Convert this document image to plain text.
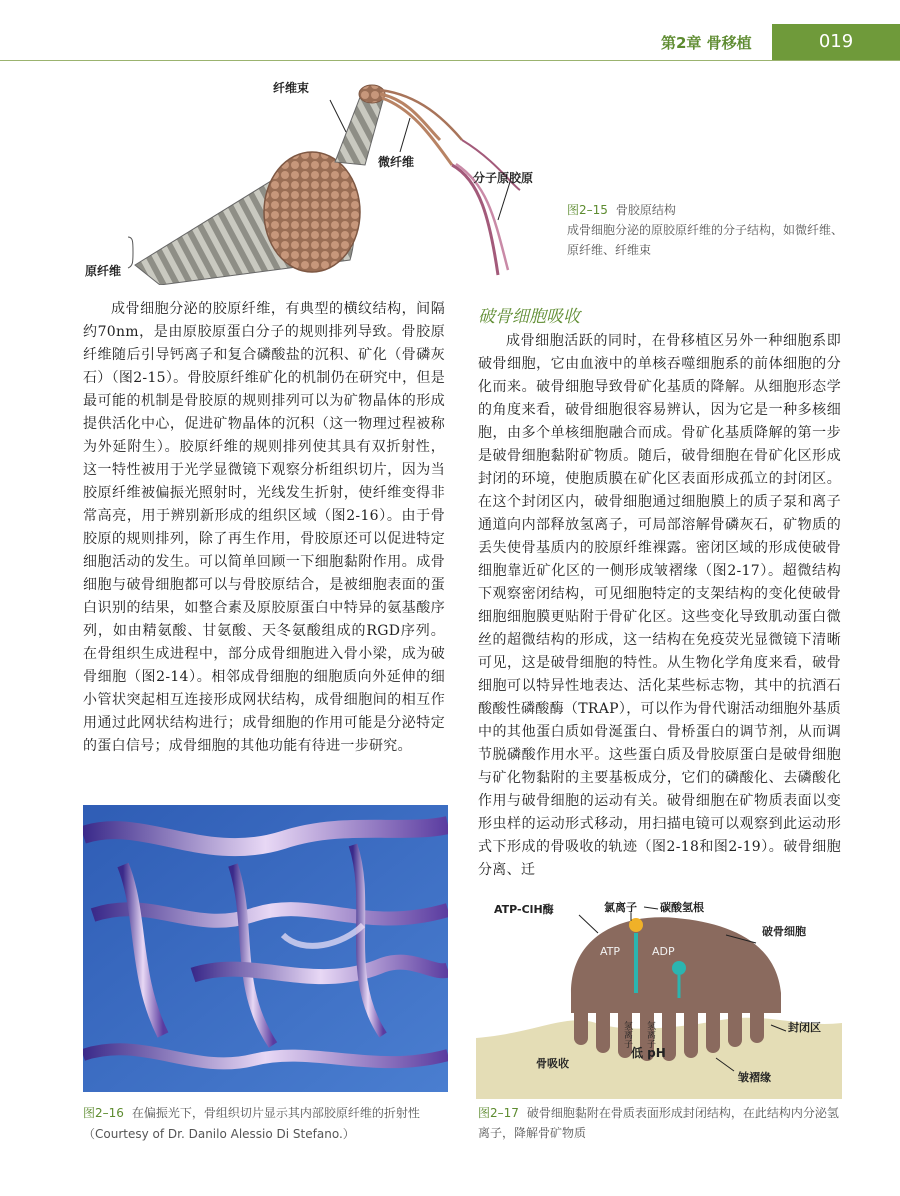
第2章 骨移植	019
纤维束
微纤维
分子原胶原
原纤维
图2–15 骨胶原结构
成骨细胞分泌的原胶原纤维的分子结构，如微纤维、原纤维、纤维束

成骨细胞分泌的胶原纤维，有典型的横纹结构，间隔约70nm，是由原胶原蛋白分子的规则排列导致。骨胶原纤维随后引导钙离子和复合磷酸盐的沉积、矿化（骨磷灰石）（图2-15）。骨胶原纤维矿化的机制仍在研究中，但是最可能的机制是骨胶原的规则排列可以为矿物晶体的形成提供活化中心，促进矿物晶体的沉积（这一物理过程被称为外延附生）。胶原纤维的规则排列使其具有双折射性，这一特性被用于光学显微镜下观察分析组织切片，因为当胶原纤维被偏振光照射时，光线发生折射，使纤维变得非常高亮，用于辨别新形成的组织区域（图2-16）。由于骨胶原的规则排列，除了再生作用，骨胶原还可以促进特定细胞活动的发生。可以简单回顾一下细胞黏附作用。成骨细胞与破骨细胞都可以与骨胶原结合，是被细胞表面的蛋白识别的结果，如整合素及原胶原蛋白中特异的氨基酸序列，如由精氨酸、甘氨酸、天冬氨酸组成的RGD序列。在骨组织生成进程中，部分成骨细胞进入骨小梁，成为破骨细胞（图2-14）。相邻成骨细胞的细胞质向外延伸的细小管状突起相互连接形成网状结构，成骨细胞间的相互作用通过此网状结构进行；成骨细胞的作用可能是分泌特定的蛋白信号；成骨细胞的其他功能有待进一步研究。

破骨细胞吸收

成骨细胞活跃的同时，在骨移植区另外一种细胞系即破骨细胞，它由血液中的单核吞噬细胞系的前体细胞的分化而来。破骨细胞导致骨矿化基质的降解。从细胞形态学的角度来看，破骨细胞很容易辨认，因为它是一种多核细胞，由多个单核细胞融合而成。骨矿化基质降解的第一步是破骨细胞黏附矿物质。随后，破骨细胞在骨矿化区形成封闭的环境，使胞质膜在矿化区表面形成孤立的封闭区。在这个封闭区内，破骨细胞通过细胞膜上的质子泵和离子通道向内部释放氢离子，可局部溶解骨磷灰石，矿物质的丢失使骨基质内的胶原纤维裸露。密闭区域的形成使破骨细胞靠近矿化区的一侧形成皱褶缘（图2-17）。超微结构下观察密闭结构，可见细胞特定的支架结构的变化使破骨细胞细胞膜更贴附于骨矿化区。这些变化导致肌动蛋白微丝的超微结构的形成，这一结构在免疫荧光显微镜下清晰可见，这是破骨细胞的特性。从生物化学角度来看，破骨细胞可以特异性地表达、活化某些标志物，其中的抗酒石酸酸性磷酸酶（TRAP），可以作为骨代谢活动细胞外基质中的其他蛋白质如骨涎蛋白、骨桥蛋白的调节剂，从而调节脱磷酸作用水平。这些蛋白质及骨胶原蛋白是破骨细胞与矿化物黏附的主要基板成分，它们的磷酸化、去磷酸化作用与破骨细胞的运动有关。破骨细胞在矿物质表面以变形虫样的运动形式移动，用扫描电镜可以观察到此运动形式下形成的骨吸收的轨迹（图2-18和图2-19）。破骨细胞分离、迁

图2–16 在偏振光下，骨组织切片显示其内部胶原纤维的折射性
（Courtesy of Dr. Danilo Alessio Di Stefano.）
ATP-ClH酶	氯离子 碳酸氢根
破骨细胞
ATP	ADP
氢离子 氢离子	封闭区
低 pH
骨吸收
皱褶缘
图2–17 破骨细胞黏附在骨质表面形成封闭结构，在此结构内分泌氢离子，降解骨矿物质
